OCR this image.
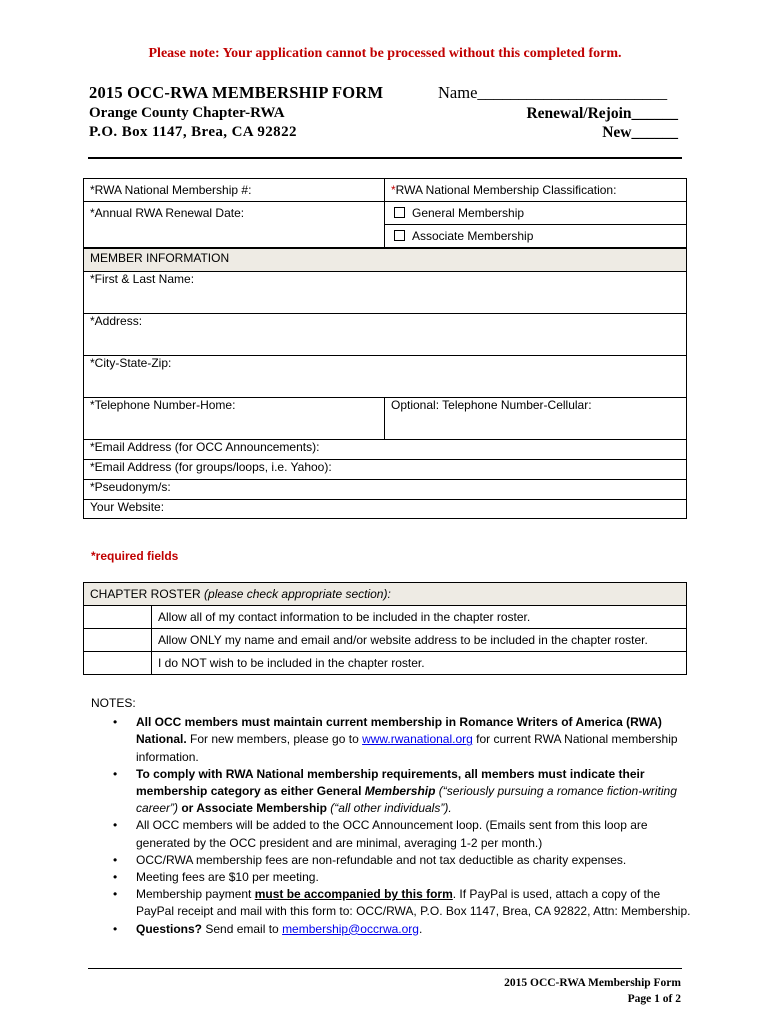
Please note: Your application cannot be processed without this completed form.
2015 OCC-RWA MEMBERSHIP FORM
Orange County Chapter-RWA
P.O. Box 1147, Brea, CA 92822
Name_______________________
Renewal/Rejoin______
New______
*RWA National Membership #:	*RWA National Membership Classification:
*Annual RWA Renewal Date:	General Membership
	Associate Membership
MEMBER INFORMATION
*First & Last Name:
*Address:
*City-State-Zip:
*Telephone Number-Home:	Optional: Telephone Number-Cellular:
*Email Address (for OCC Announcements):
*Email Address (for groups/loops, i.e. Yahoo):
*Pseudonym/s:
Your Website:
*required fields
CHAPTER ROSTER (please check appropriate section):	
	Allow all of my contact information to be included in the chapter roster.
	Allow ONLY my name and email and/or website address to be included in the chapter roster.
	I do NOT wish to be included in the chapter roster.
NOTES:
• All OCC members must maintain current membership in Romance Writers of America (RWA) National. For new members, please go to www.rwanational.org for current RWA National membership information.
• To comply with RWA National membership requirements, all members must indicate their membership category as either General Membership (“seriously pursuing a romance fiction-writing career”) or Associate Membership (“all other individuals”).
• All OCC members will be added to the OCC Announcement loop. (Emails sent from this loop are generated by the OCC president and are minimal, averaging 1-2 per month.)
• OCC/RWA membership fees are non-refundable and not tax deductible as charity expenses.
• Meeting fees are $10 per meeting.
• Membership payment must be accompanied by this form. If PayPal is used, attach a copy of the PayPal receipt and mail with this form to: OCC/RWA, P.O. Box 1147, Brea, CA 92822, Attn: Membership.
• Questions? Send email to membership@occrwa.org.
2015 OCC-RWA Membership Form
Page 1 of 2
